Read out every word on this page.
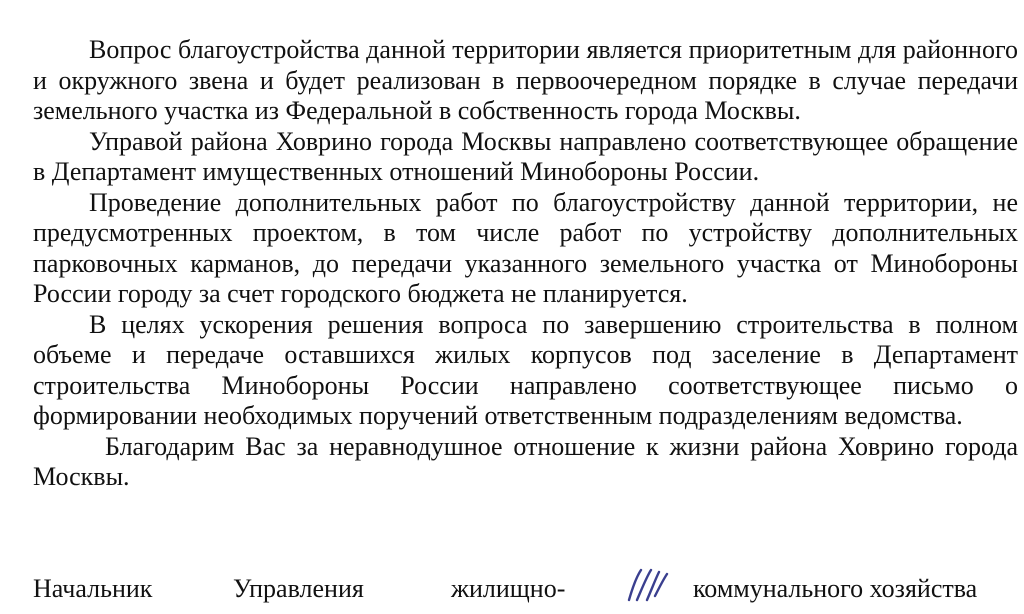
Вопрос благоустройства данной территории является приоритетным для районного и окружного звена и будет реализован в первоочередном порядке в случае передачи земельного участка из Федеральной в собственность города Москвы.

Управой района Ховрино города Москвы направлено соответствующее обращение в Департамент имущественных отношений Минобороны России.

Проведение дополнительных работ по благоустройству данной территории, не предусмотренных проектом, в том числе работ по устройству дополнительных парковочных карманов, до передачи указанного земельного участка от Минобороны России городу за счет городского бюджета не планируется.

В целях ускорения решения вопроса по завершению строительства в полном объеме и передаче оставшихся жилых корпусов под заселение в Департамент строительства Минобороны России направлено соответствующее письмо о формировании необходимых поручений ответственным подразделениям ведомства.

Благодарим Вас за неравнодушное отношение к жизни района Ховрино города Москвы.

Начальник	Управления	жилищно-	коммунального хозяйства
